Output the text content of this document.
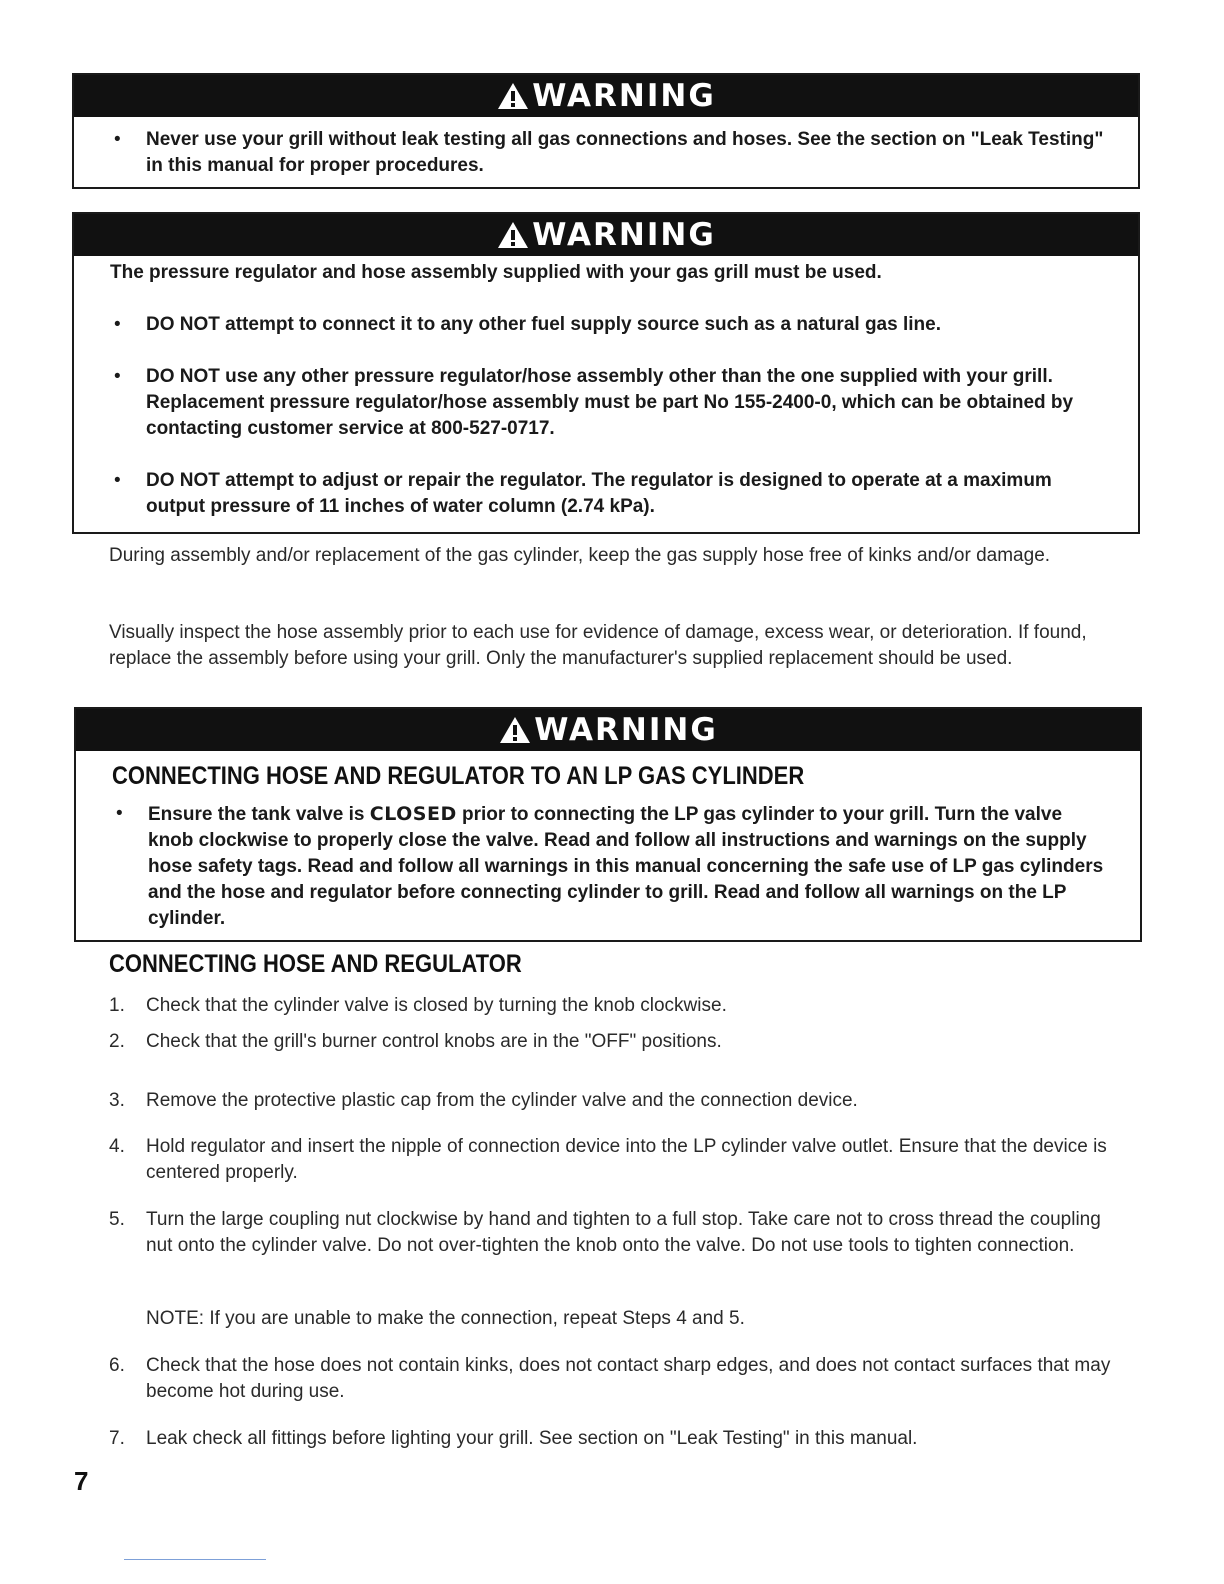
WARNING
• Never use your grill without leak testing all gas connections and hoses. See the section on "Leak Testing" in this manual for proper procedures.
WARNING
The pressure regulator and hose assembly supplied with your gas grill must be used.
• DO NOT attempt to connect it to any other fuel supply source such as a natural gas line.
• DO NOT use any other pressure regulator/hose assembly other than the one supplied with your grill. Replacement pressure regulator/hose assembly must be part No 155-2400-0, which can be obtained by contacting customer service at 800-527-0717.
• DO NOT attempt to adjust or repair the regulator. The regulator is designed to operate at a maximum output pressure of 11 inches of water column (2.74 kPa).
During assembly and/or replacement of the gas cylinder, keep the gas supply hose free of kinks and/or damage.
Visually inspect the hose assembly prior to each use for evidence of damage, excess wear, or deterioration. If found, replace the assembly before using your grill. Only the manufacturer's supplied replacement should be used.
WARNING
CONNECTING HOSE AND REGULATOR TO AN LP GAS CYLINDER
• Ensure the tank valve is CLOSED prior to connecting the LP gas cylinder to your grill. Turn the valve knob clockwise to properly close the valve. Read and follow all instructions and warnings on the supply hose safety tags. Read and follow all warnings in this manual concerning the safe use of LP gas cylinders and the hose and regulator before connecting cylinder to grill. Read and follow all warnings on the LP cylinder.
CONNECTING HOSE AND REGULATOR
1. Check that the cylinder valve is closed by turning the knob clockwise.
2. Check that the grill's burner control knobs are in the "OFF" positions.
3. Remove the protective plastic cap from the cylinder valve and the connection device.
4. Hold regulator and insert the nipple of connection device into the LP cylinder valve outlet. Ensure that the device is centered properly.
5. Turn the large coupling nut clockwise by hand and tighten to a full stop. Take care not to cross thread the coupling nut onto the cylinder valve. Do not over-tighten the knob onto the valve. Do not use tools to tighten connection.
NOTE: If you are unable to make the connection, repeat Steps 4 and 5.
6. Check that the hose does not contain kinks, does not contact sharp edges, and does not contact surfaces that may become hot during use.
7. Leak check all fittings before lighting your grill. See section on "Leak Testing" in this manual.
7
